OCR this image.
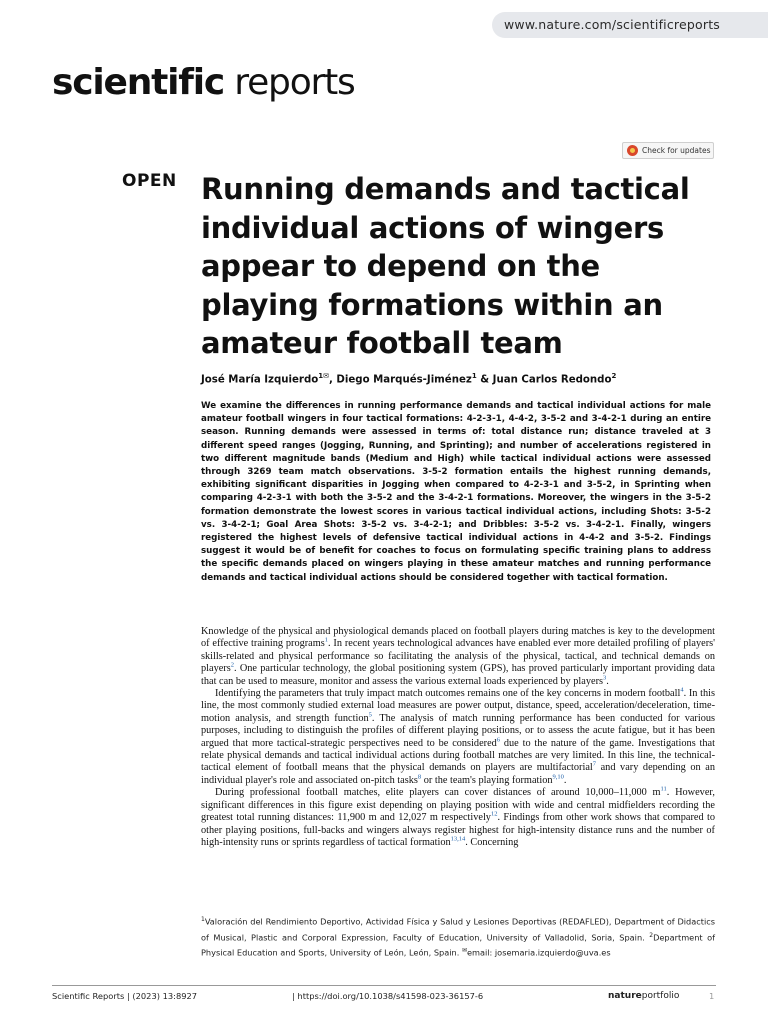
www.nature.com/scientificreports
scientific reports
Check for updates
OPEN Running demands and tactical individual actions of wingers appear to depend on the playing formations within an amateur football team
José María Izquierdo$^{1✉}$, Diego Marqués-Jiménez$^1$ & Juan Carlos Redondo$^2$

We examine the differences in running performance demands and tactical individual actions for male amateur football wingers in four tactical formations: 4-2-3-1, 4-4-2, 3-5-2 and 3-4-2-1 during an entire season. Running demands were assessed in terms of: total distance run; distance traveled at 3 different speed ranges (Jogging, Running, and Sprinting); and number of accelerations registered in two different magnitude bands (Medium and High) while tactical individual actions were assessed through 3269 team match observations. 3-5-2 formation entails the highest running demands, exhibiting significant disparities in Jogging when compared to 4-2-3-1 and 3-5-2, in Sprinting when comparing 4-2-3-1 with both the 3-5-2 and the 3-4-2-1 formations. Moreover, the wingers in the 3-5-2 formation demonstrate the lowest scores in various tactical individual actions, including Shots: 3-5-2 vs. 3-4-2-1; Goal Area Shots: 3-5-2 vs. 3-4-2-1; and Dribbles: 3-5-2 vs. 3-4-2-1. Finally, wingers registered the highest levels of defensive tactical individual actions in 4-4-2 and 3-5-2. Findings suggest it would be of benefit for coaches to focus on formulating specific training plans to address the specific demands placed on wingers playing in these amateur matches and running performance demands and tactical individual actions should be considered together with tactical formation.

Knowledge of the physical and physiological demands placed on football players during matches is key to the development of effective training programs$^1$. In recent years technological advances have enabled ever more detailed profiling of players' skills-related and physical performance so facilitating the analysis of the physical, tactical, and technical demands on players$^2$. One particular technology, the global positioning system (GPS), has proved particularly important providing data that can be used to measure, monitor and assess the various external loads experienced by players$^3$.

Identifying the parameters that truly impact match outcomes remains one of the key concerns in modern football$^4$. In this line, the most commonly studied external load measures are power output, distance, speed, acceleration/deceleration, time-motion analysis, and strength function$^5$. The analysis of match running performance has been conducted for various purposes, including to distinguish the profiles of different playing positions, or to assess the acute fatigue, but it has been argued that more tactical-strategic perspectives need to be considered$^6$ due to the nature of the game. Investigations that relate physical demands and tactical individual actions during football matches are very limited. In this line, the technical-tactical element of football means that the physical demands on players are multifactorial$^7$ and vary depending on an individual player's role and associated on-pitch tasks$^8$ or the team's playing formation$^{9,10}$.

During professional football matches, elite players can cover distances of around 10,000–11,000 $m^{11}$. However, significant differences in this figure exist depending on playing position with wide and central midfielders recording the greatest total running distances: 11,900 m and 12,027 m respectively$^{12}$. Findings from other work shows that compared to other playing positions, full-backs and wingers always register highest for high-intensity distance runs and the number of high-intensity runs or sprints regardless of tactical formation$^{13,14}$. Concerning

$^1$Valoración del Rendimiento Deportivo, Actividad Física y Salud y Lesiones Deportivas (REDAFLED), Department of Didactics of Musical, Plastic and Corporal Expression, Faculty of Education, University of Valladolid, Soria, Spain. $^2$Department of Physical Education and Sports, University of León, León, Spain. ✉email: josemaria.izquierdo@uva.es

Scientific Reports | (2023) 13:8927	| https://doi.org/10.1038/s41598-023-36157-6	natureportfolio	1
